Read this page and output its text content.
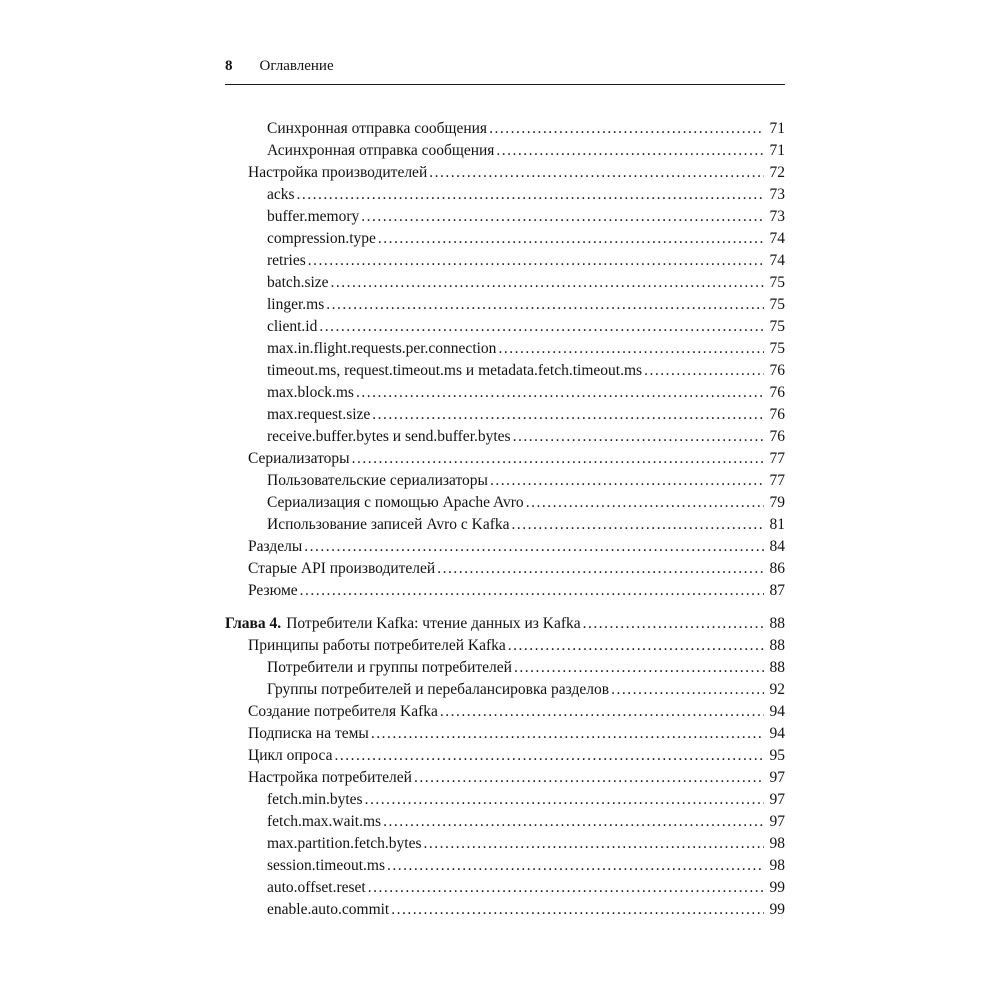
8 Оглавление
Синхронная отправка сообщения .....	71
Асинхронная отправка сообщения .....	71
Настройка производителей .....	72
acks .....	73
buffer.memory .....	73
compression.type .....	74
retries .....	74
batch.size .....	75
linger.ms .....	75
client.id .....	75
max.in.flight.requests.per.connection .....	75
timeout.ms, request.timeout.ms и metadata.fetch.timeout.ms .....	76
max.block.ms .....	76
max.request.size .....	76
receive.buffer.bytes и send.buffer.bytes .....	76
Сериализаторы .....	77
Пользовательские сериализаторы .....	77
Сериализация с помощью Apache Avro .....	79
Использование записей Avro с Kafka .....	81
Разделы .....	84
Старые API производителей .....	86
Резюме .....	87
Глава 4. Потребители Kafka: чтение данных из Kafka .....	88
Принципы работы потребителей Kafka .....	88
Потребители и группы потребителей .....	88
Группы потребителей и перебалансировка разделов .....	92
Создание потребителя Kafka .....	94
Подписка на темы .....	94
Цикл опроса .....	95
Настройка потребителей .....	97
fetch.min.bytes .....	97
fetch.max.wait.ms .....	97
max.partition.fetch.bytes .....	98
session.timeout.ms .....	98
auto.offset.reset .....	99
enable.auto.commit .....	99
